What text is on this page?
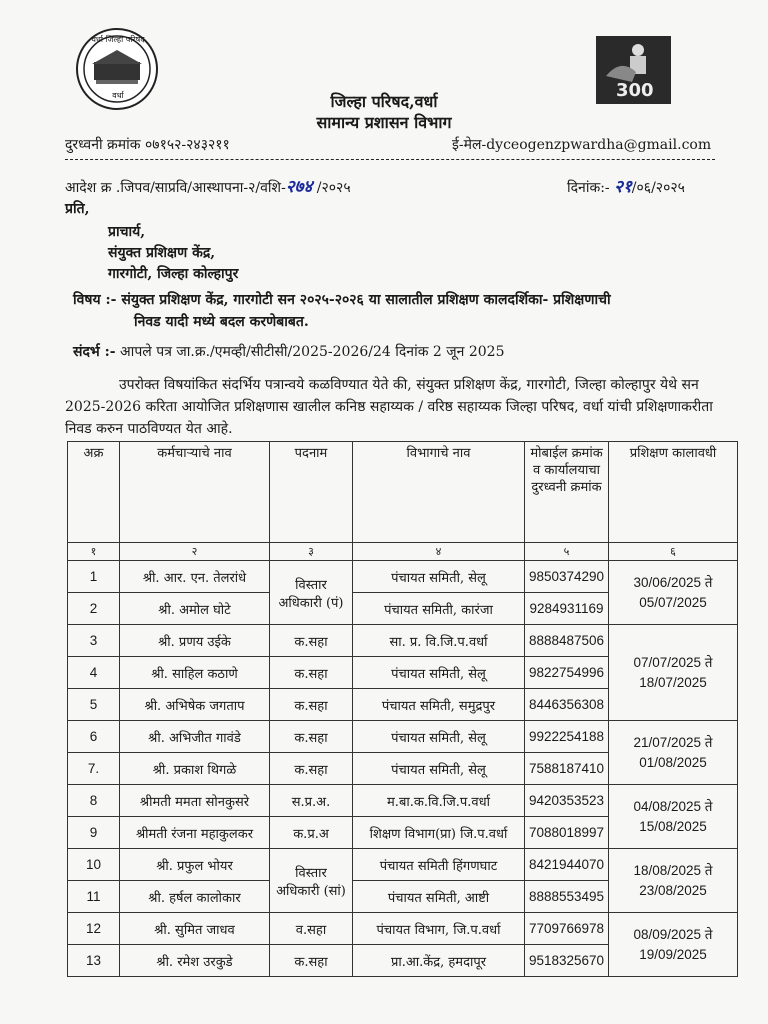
वर्धा जिल्हा परिषद
वर्धा	300
जिल्हा परिषद,वर्धा
सामान्य प्रशासन विभाग
दुरध्वनी क्रमांक ०७१५२-२४३२११	ई-मेल-dyceogenzpwardha@gmail.com
आदेश क्र .जिपव/साप्रवि/आस्थापना-२/वशि-२७४ /२०२५	दिनांक:- २१/०६/२०२५
प्रति,
प्राचार्य,
संयुक्त प्रशिक्षण केंद्र,
गारगोटी, जिल्हा कोल्हापुर
विषय :- संयुक्त प्रशिक्षण केंद्र, गारगोटी सन २०२५-२०२६ या सालातील प्रशिक्षण कालदर्शिका- प्रशिक्षणाची
निवड यादी मध्ये बदल करणेबाबत.
संदर्भ :- आपले पत्र जा.क्र./एमव्ही/सीटीसी/2025-2026/24 दिनांक 2 जून 2025
उपरोक्त विषयांकित संदर्भिय पत्रान्वये कळविण्यात येते की, संयुक्त प्रशिक्षण केंद्र, गारगोटी, जिल्हा कोल्हापुर येथे सन 2025-2026 करिता आयोजित प्रशिक्षणास खालील कनिष्ठ सहाय्यक / वरिष्ठ सहाय्यक जिल्हा परिषद, वर्धा यांची प्रशिक्षणाकरीता निवड करुन पाठविण्यत येत आहे.
अक्र	कर्मचाऱ्याचे नाव	पदनाम	विभागाचे नाव	मोबाईल क्रमांक व कार्यालयाचा दुरध्वनी क्रमांक	प्रशिक्षण कालावधी
१	२	३	४	५	६
1	श्री. आर. एन. तेलरांधे	विस्तार अधिकारी (पं)	पंचायत समिती, सेलू	9850374290	30/06/2025 ते
05/07/2025

2	श्री. अमोल घोटे		पंचायत समिती, कारंजा	9284931169	
3	श्री. प्रणय उईके	क.सहा	सा. प्र. वि.जि.प.वर्धा	8888487506	07/07/2025 ते
18/07/2025

4	श्री. साहिल कठाणे	क.सहा	पंचायत समिती, सेलू	9822754996	
5	श्री. अभिषेक जगताप	क.सहा	पंचायत समिती, समुद्रपुर	8446356308	
6	श्री. अभिजीत गावंडे	क.सहा	पंचायत समिती, सेलू	9922254188	21/07/2025 ते
01/08/2025

7.	श्री. प्रकाश थिगळे	क.सहा	पंचायत समिती, सेलू	7588187410	
8	श्रीमती ममता सोनकुसरे	स.प्र.अ.	म.बा.क.वि.जि.प.वर्धा	9420353523	04/08/2025 ते
15/08/2025

9	श्रीमती रंजना महाकुलकर	क.प्र.अ	शिक्षण विभाग(प्रा) जि.प.वर्धा	7088018997	
10	श्री. प्रफुल भोयर	विस्तार अधिकारी (सां)	पंचायत समिती हिंगणघाट	8421944070	18/08/2025 ते
23/08/2025

11	श्री. हर्षल कालोकार		पंचायत समिती, आष्टी	8888553495	
12	श्री. सुमित जाधव	व.सहा	पंचायत विभाग, जि.प.वर्धा	7709766978	08/09/2025 ते
19/09/2025

13	श्री. रमेश उरकुडे	क.सहा	प्रा.आ.केंद्र, हमदापूर	9518325670	
